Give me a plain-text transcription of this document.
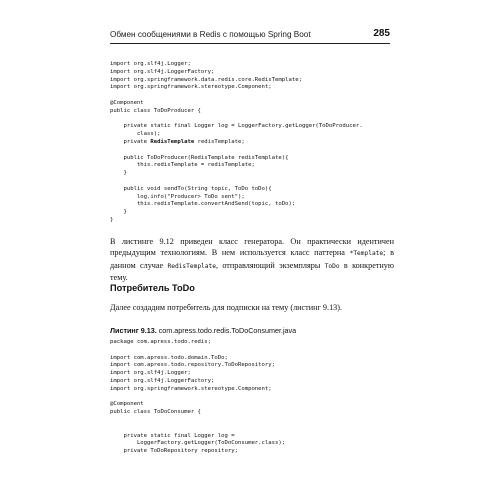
Обмен сообщениями в Redis с помощью Spring Boot	285
import org.slf4j.Logger;
import org.slf4j.LoggerFactory;
import org.springframework.data.redis.core.RedisTemplate;
import org.springframework.stereotype.Component;

@Component
public class ToDoProducer {

private static final Logger log = LoggerFactory.getLogger(ToDoProducer.
class);
private RedisTemplate redisTemplate;

public ToDoProducer(RedisTemplate redisTemplate){
this.redisTemplate = redisTemplate;
}

public void sendTo(String topic, ToDo toDo){
log.info("Producer> ToDo sent");
this.redisTemplate.convertAndSend(topic, toDo);
}
}

В листинге 9.12 приведен класс генератора. Он практически идентичен предыдущим технологиям. В нем используется класс паттерна *Template; в данном случае RedisTemplate, отправляющий экземпляры ToDo в конкретную тему.

Потребитель ToDo

Далее создадим потребитель для подписки на тему (листинг 9.13).

Листинг 9.13. com.apress.todo.redis.ToDoConsumer.java
package com.apress.todo.redis;

import com.apress.todo.domain.ToDo;
import com.apress.todo.repository.ToDoRepository;
import org.slf4j.Logger;
import org.slf4j.LoggerFactory;
import org.springframework.stereotype.Component;

@Component
public class ToDoConsumer {

private static final Logger log =
LoggerFactory.getLogger(ToDoConsumer.class);
private ToDoRepository repository;
